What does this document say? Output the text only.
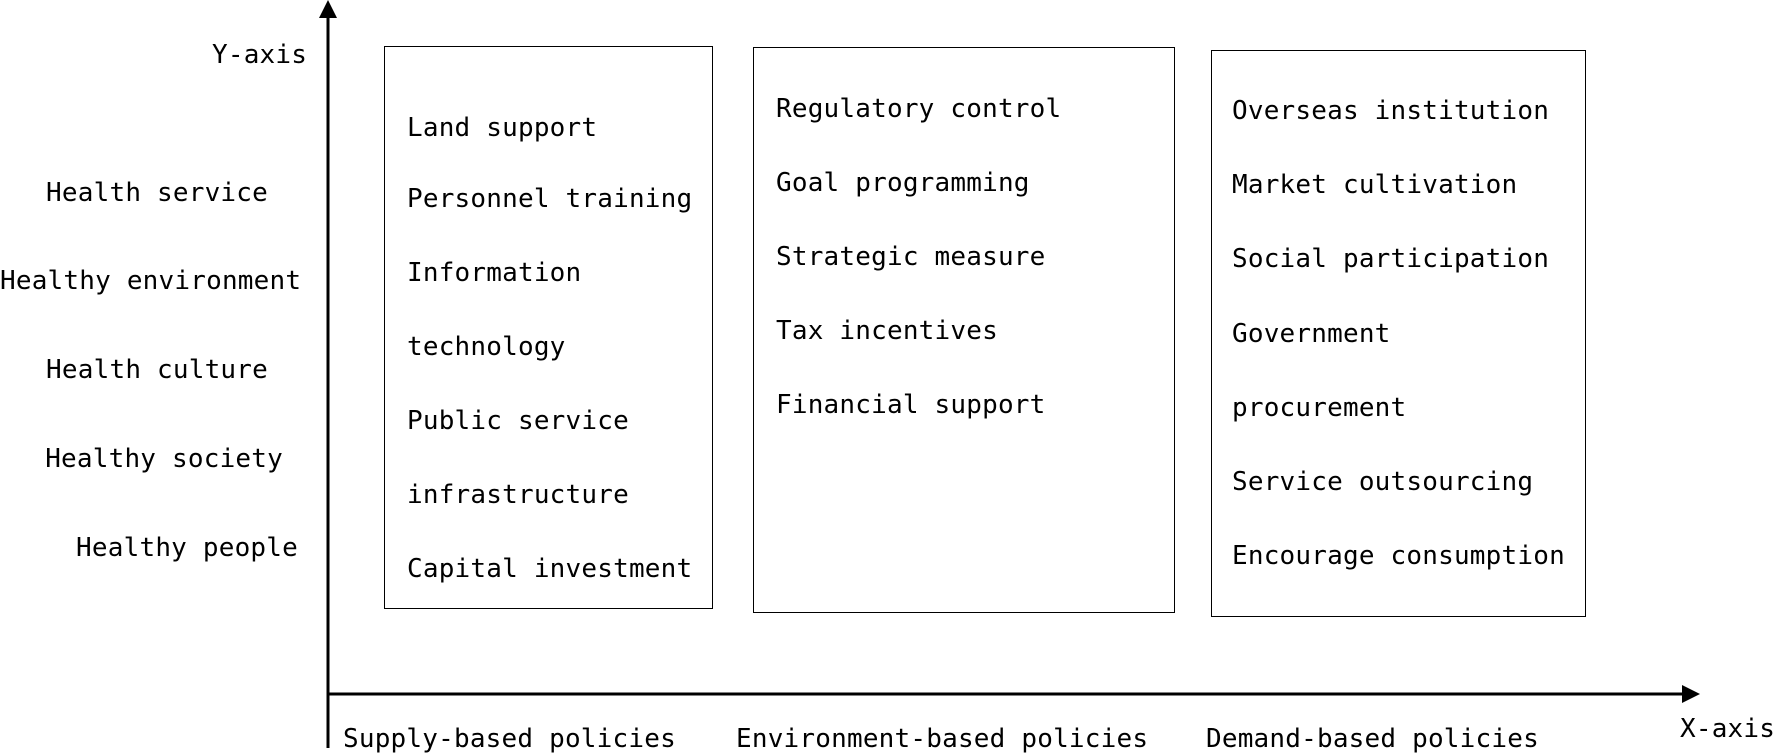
Y-axis
X-axis
Health service
Healthy environment
Health culture
Healthy society
Healthy people
Supply-based policies Environment-based policies Demand-based policies
Land support
Personnel training
Information
technology
Public service
infrastructure
Capital investment
Regulatory control
Goal programming
Strategic measure
Tax incentives
Financial support
Overseas institution
Market cultivation
Social participation
Government
procurement
Service outsourcing
Encourage consumption
